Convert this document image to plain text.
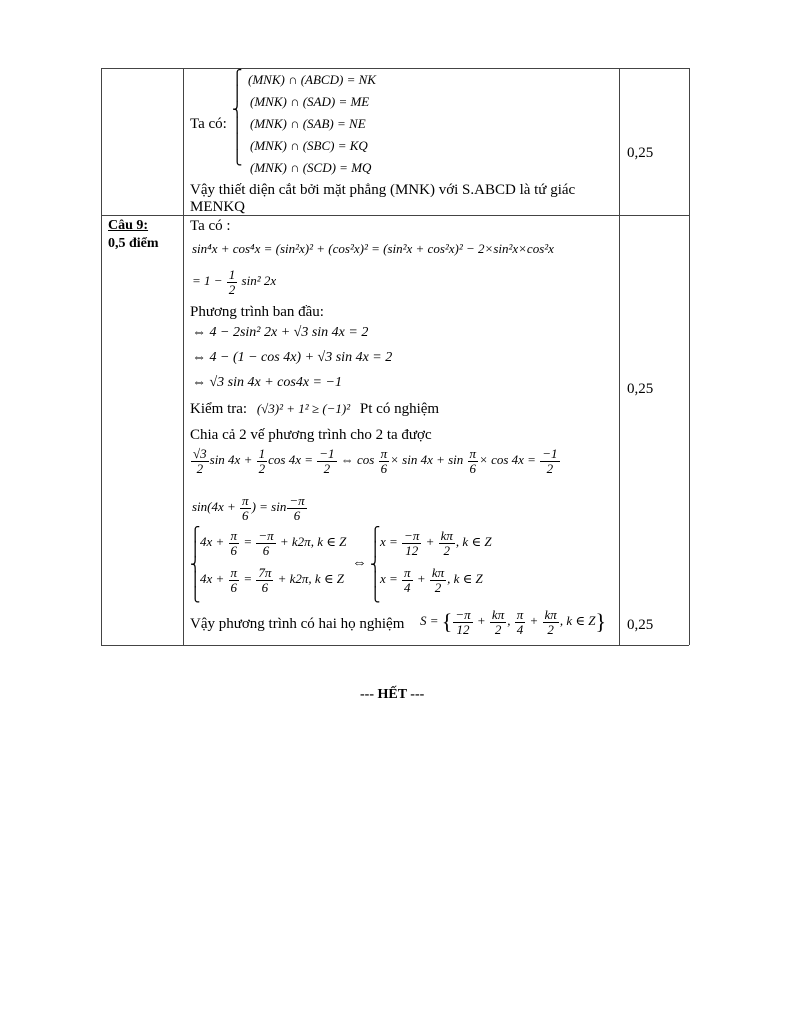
Ta có:
⎧
⎪
⎨
⎪
⎪
⎩
(MNK) ∩ (ABCD) = NK
(MNK) ∩ (SAD) = ME
(MNK) ∩ (SAB) = NE
(MNK) ∩ (SBC) = KQ
(MNK) ∩ (SCD) = MQ
Vậy thiết diện cắt bởi mặt phẳng (MNK) với S.ABCD là tứ giác
MENKQ
0,25
Câu 9:
0,5 điểm
Ta có :
sin⁴x + cos⁴x = (sin²x)² + (cos²x)² = (sin²x + cos²x)² − 2×sin²x×cos²x
= $1 - \frac{1}{2} \sin^2$ 2x
Phương trình ban đầu:
⇔ 4 − 2sin² 2x + √3 sin 4x = 2
⇔ 4 − (1 − cos 4x) + √3 sin 4x = 2
⇔ √3 sin 4x + cos4x = −1
Kiểm tra: (√3)² + 1² ≥ (−1)² Pt có nghiệm
Chia cả 2 vế phương trình cho 2 ta được
$\frac{√3}{2}$ $\sin 4x + \frac{1}{2}$ $\cos 4x = \frac{-1}{2}$ ⇔ $\cos \frac{\pi}{6} \times \sin 4x + \sin \frac{\pi}{6} \times \cos 4x = \frac{-1}{2}$
$\sin(4x + \frac{\pi}{6}$ ) = $\sin \frac{-\pi}{6}$
⎧
⎪
⎨
⎪
⎩
$4x + \frac{\pi}{6} = \frac{-\pi}{6} + k2\pi$, k ∈ Z
$4x + \frac{\pi}{6} = \frac{7\pi}{6} + k2\pi$, k ∈ Z
⇔
⎧
⎪
⎨
⎪
⎩
$x = \frac{-\pi}{12} + \frac{k\pi}{2}$ , k ∈ Z
$x = \frac{\pi}{4} + \frac{k\pi}{2}$ , k ∈ Z
Vậy phương trình có hai họ nghiệm S = { $\frac{-\pi}{12} + \frac{k\pi}{2}$ , $\frac{\pi}{4} + \frac{k\pi}{2}$ , k ∈ Z}
0,25
0,25
--- HẾT ---
